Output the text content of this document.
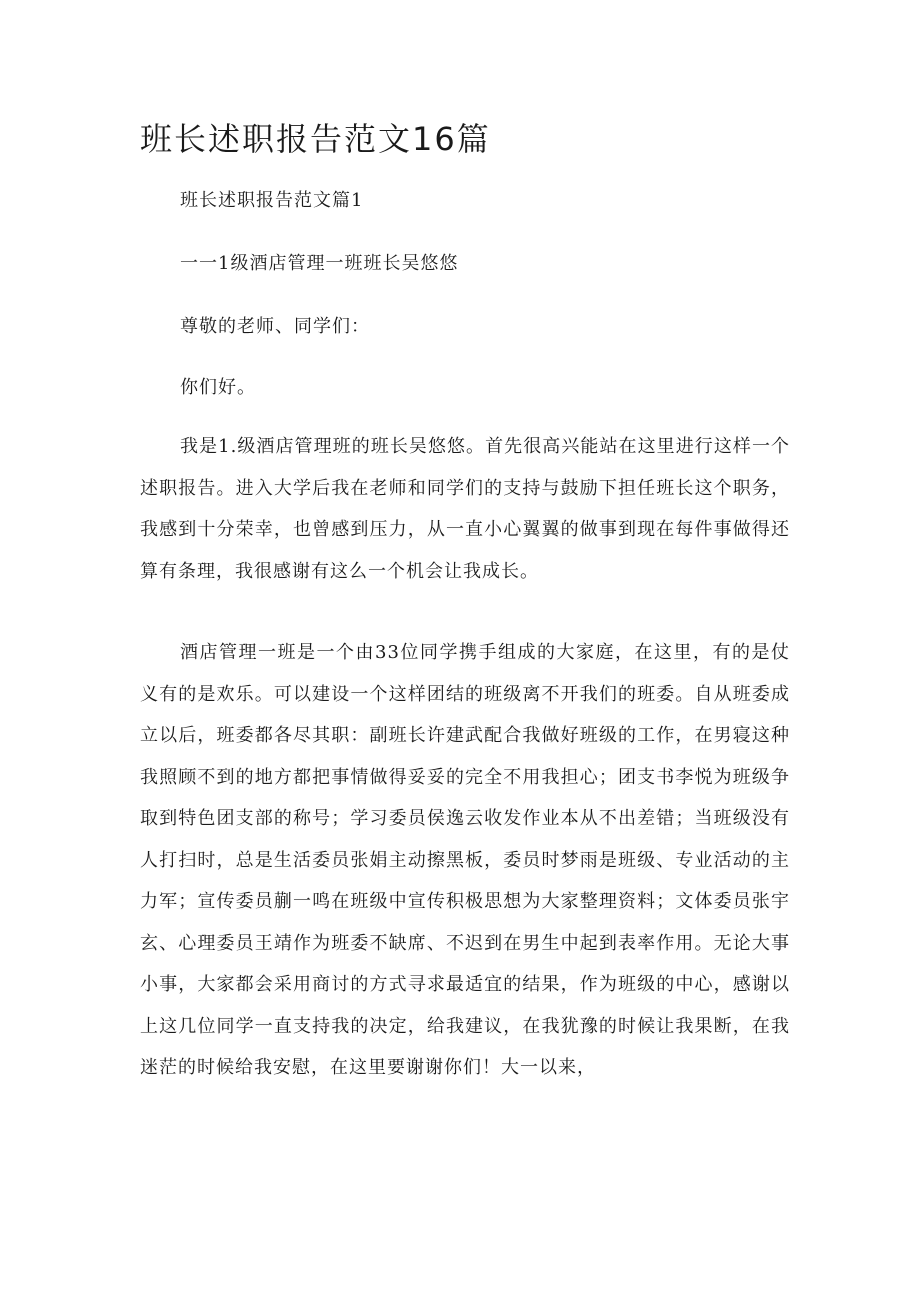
班长述职报告范文16篇

班长述职报告范文篇1

一一1级酒店管理一班班长吴悠悠

尊敬的老师、同学们：

你们好。

我是1.级酒店管理班的班长吴悠悠。首先很高兴能站在这里进行这样一个述职报告。进入大学后我在老师和同学们的支持与鼓励下担任班长这个职务，我感到十分荣幸，也曾感到压力，从一直小心翼翼的做事到现在每件事做得还算有条理，我很感谢有这么一个机会让我成长。

酒店管理一班是一个由33位同学携手组成的大家庭，在这里，有的是仗义有的是欢乐。可以建设一个这样团结的班级离不开我们的班委。自从班委成立以后，班委都各尽其职：副班长许建武配合我做好班级的工作，在男寝这种我照顾不到的地方都把事情做得妥妥的完全不用我担心；团支书李悦为班级争取到特色团支部的称号；学习委员侯逸云收发作业本从不出差错；当班级没有人打扫时，总是生活委员张娟主动擦黑板，委员时梦雨是班级、专业活动的主力军；宣传委员蒯一鸣在班级中宣传积极思想为大家整理资料；文体委员张宇玄、心理委员王靖作为班委不缺席、不迟到在男生中起到表率作用。无论大事小事，大家都会采用商讨的方式寻求最适宜的结果，作为班级的中心，感谢以上这几位同学一直支持我的决定，给我建议，在我犹豫的时候让我果断，在我迷茫的时候给我安慰，在这里要谢谢你们！大一以来，
